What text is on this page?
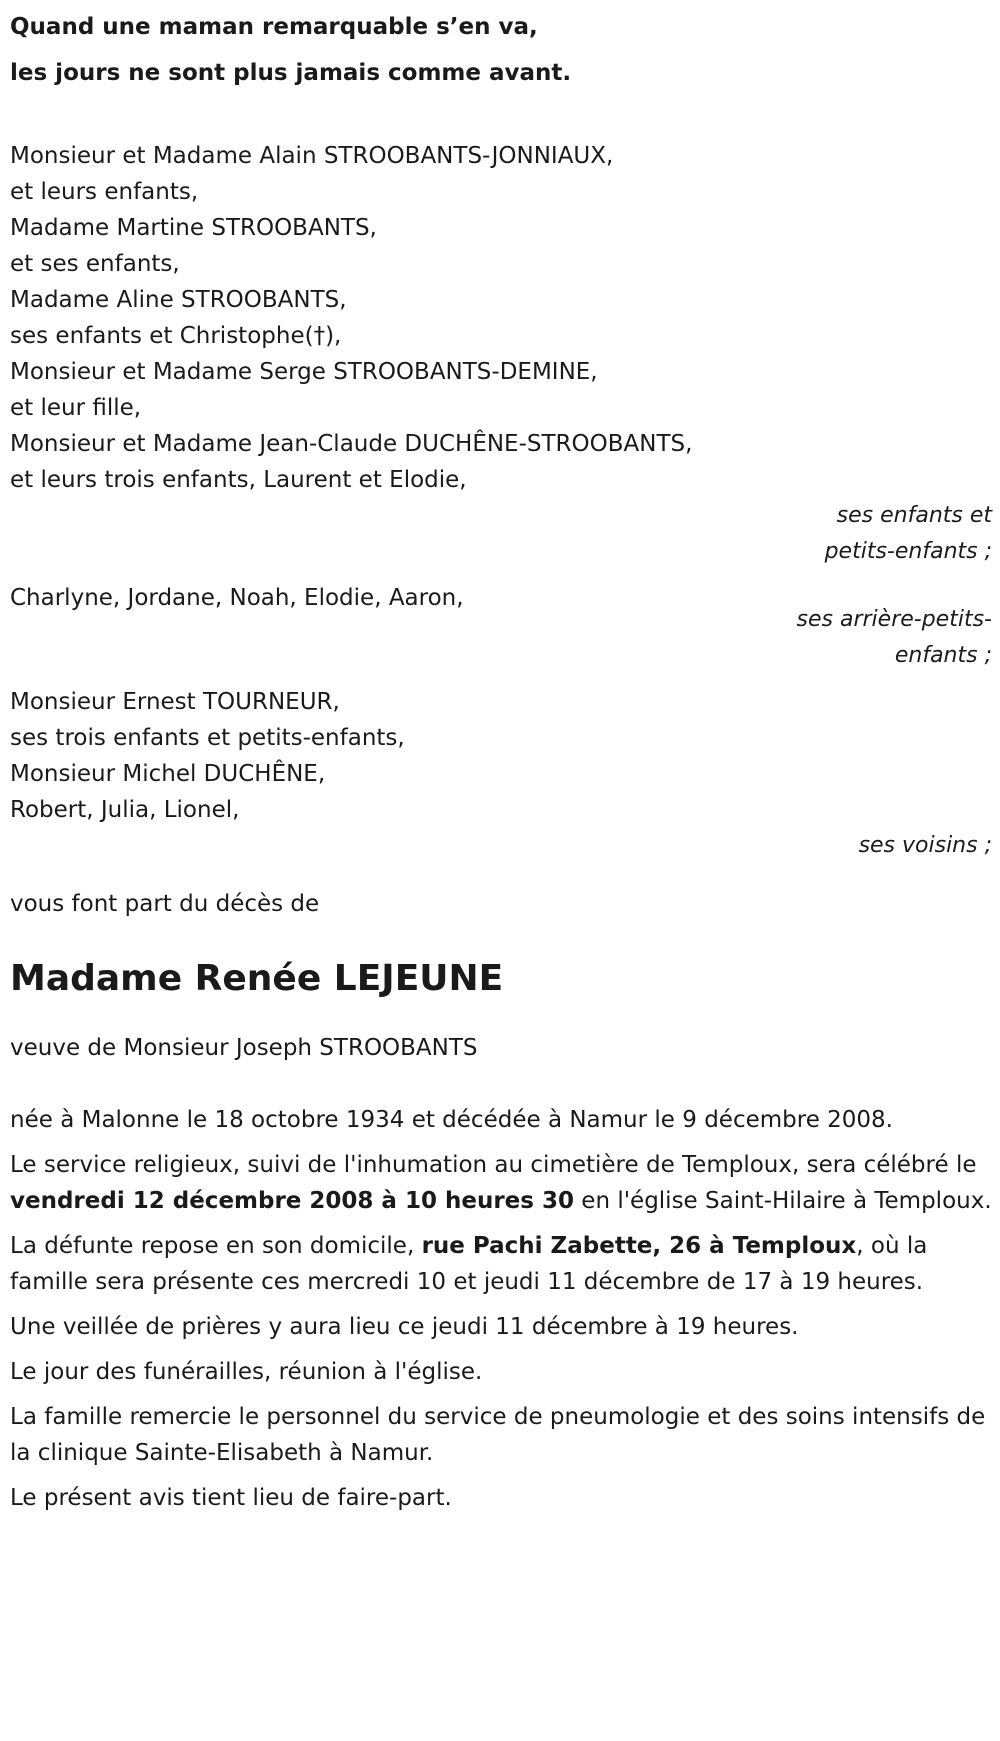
Quand une maman remarquable s’en va,
les jours ne sont plus jamais comme avant.
Monsieur et Madame Alain STROOBANTS-JONNIAUX,
et leurs enfants,
Madame Martine STROOBANTS,
et ses enfants,
Madame Aline STROOBANTS,
ses enfants et Christophe(†),
Monsieur et Madame Serge STROOBANTS-DEMINE,
et leur fille,
Monsieur et Madame Jean-Claude DUCHÊNE-STROOBANTS,
et leurs trois enfants, Laurent et Elodie,
ses enfants et
petits-enfants ;
Charlyne, Jordane, Noah, Elodie, Aaron,
ses arrière-petits-
enfants ;
Monsieur Ernest TOURNEUR,
ses trois enfants et petits-enfants,
Monsieur Michel DUCHÊNE,
Robert, Julia, Lionel,
ses voisins ;
vous font part du décès de
Madame Renée LEJEUNE
veuve de Monsieur Joseph STROOBANTS

née à Malonne le 18 octobre 1934 et décédée à Namur le 9 décembre 2008.

Le service religieux, suivi de l'inhumation au cimetière de Temploux, sera célébré le vendredi 12 décembre 2008 à 10 heures 30 en l'église Saint-Hilaire à Temploux.

La défunte repose en son domicile, rue Pachi Zabette, 26 à Temploux, où la famille sera présente ces mercredi 10 et jeudi 11 décembre de 17 à 19 heures.

Une veillée de prières y aura lieu ce jeudi 11 décembre à 19 heures.

Le jour des funérailles, réunion à l'église.

La famille remercie le personnel du service de pneumologie et des soins intensifs de la clinique Sainte-Elisabeth à Namur.

Le présent avis tient lieu de faire-part.
